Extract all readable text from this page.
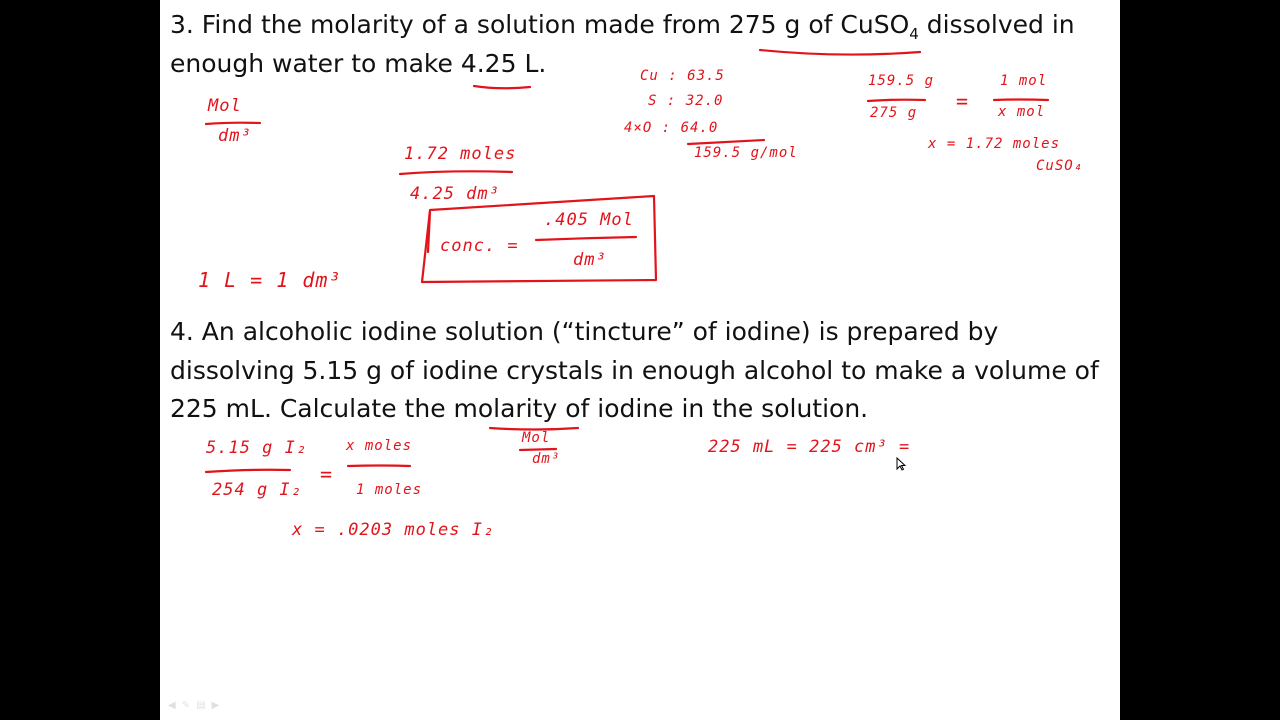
3. Find the molarity of a solution made from 275 g of CuSO$_4$ dissolved in enough water to make 4.25 L.

4. An alcoholic iodine solution (“tincture” of iodine) is prepared by dissolving 5.15 g of iodine crystals in enough alcohol to make a volume of 225 mL. Calculate the molarity of iodine in the solution.

Mol
dm³
1 L = 1 dm³
1.72 moles
4.25 dm³
conc. =
.405 Mol
dm³
Cu : 63.5
S : 32.0
4×O : 64.0
159.5 g/mol
159.5 g
275 g =
1 mol
x mol
x = 1.72 moles
CuSO₄
5.15 g I₂
254 g I₂
=
x moles
1 moles
x = .0203 moles I₂
Mol
dm³
225 mL = 225 cm³ =
◀ ✎ ▤ ▶
